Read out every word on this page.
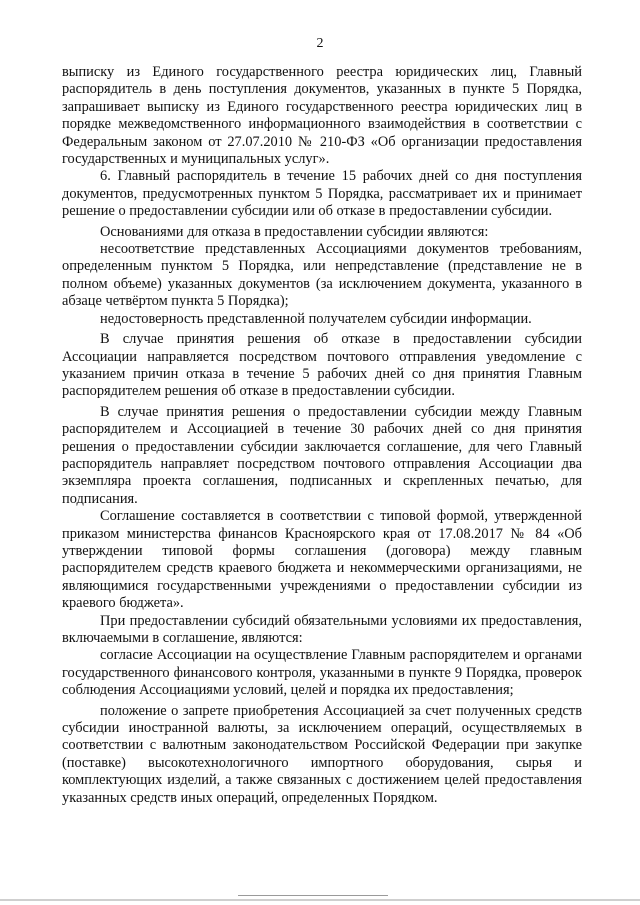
2

выписку из Единого государственного реестра юридических лиц, Главный распорядитель в день поступления документов, указанных в пункте 5 Порядка, запрашивает выписку из Единого государственного реестра юридических лиц в порядке межведомственного информационного взаимодействия в соответствии с Федеральным законом от 27.07.2010 № 210-ФЗ «Об организации предоставления государственных и муниципальных услуг».

6. Главный распорядитель в течение 15 рабочих дней со дня поступления документов, предусмотренных пунктом 5 Порядка, рассматривает их и принимает решение о предоставлении субсидии или об отказе в предоставлении субсидии.

Основаниями для отказа в предоставлении субсидии являются:

несоответствие представленных Ассоциациями документов требованиям, определенным пунктом 5 Порядка, или непредставление (представление не в полном объеме) указанных документов (за исключением документа, указанного в абзаце четвёртом пункта 5 Порядка);

недостоверность представленной получателем субсидии информации.

В случае принятия решения об отказе в предоставлении субсидии Ассоциации направляется посредством почтового отправления уведомление с указанием причин отказа в течение 5 рабочих дней со дня принятия Главным распорядителем решения об отказе в предоставлении субсидии.

В случае принятия решения о предоставлении субсидии между Главным распорядителем и Ассоциацией в течение 30 рабочих дней со дня принятия решения о предоставлении субсидии заключается соглашение, для чего Главный распорядитель направляет посредством почтового отправления Ассоциации два экземпляра проекта соглашения, подписанных и скрепленных печатью, для подписания.

Соглашение составляется в соответствии с типовой формой, утвержденной приказом министерства финансов Красноярского края от 17.08.2017 № 84 «Об утверждении типовой формы соглашения (договора) между главным распорядителем средств краевого бюджета и некоммерческими организациями, не являющимися государственными учреждениями о предоставлении субсидии из краевого бюджета».

При предоставлении субсидий обязательными условиями их предоставления, включаемыми в соглашение, являются:

согласие Ассоциации на осуществление Главным распорядителем и органами государственного финансового контроля, указанными в пункте 9 Порядка, проверок соблюдения Ассоциациями условий, целей и порядка их предоставления;

положение о запрете приобретения Ассоциацией за счет полученных средств субсидии иностранной валюты, за исключением операций, осуществляемых в соответствии с валютным законодательством Российской Федерации при закупке (поставке) высокотехнологичного импортного оборудования, сырья и комплектующих изделий, а также связанных с достижением целей предоставления указанных средств иных операций, определенных Порядком.
